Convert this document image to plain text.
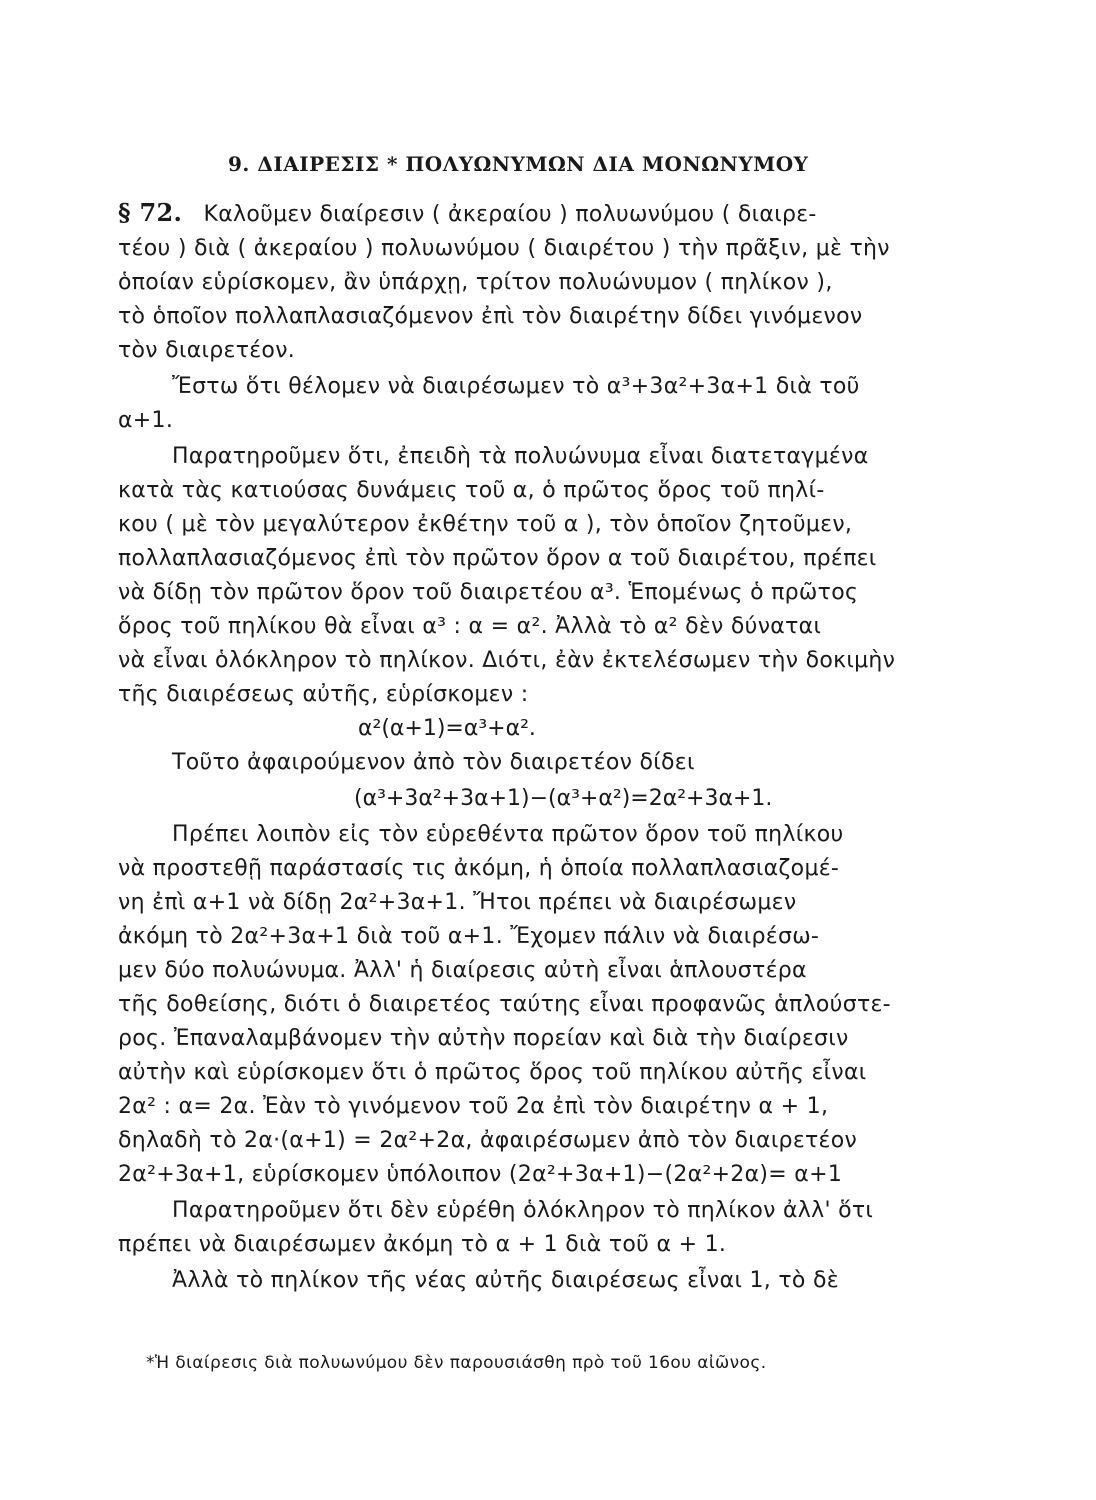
9. ΔΙΑΙΡΕΣΙΣ * ΠΟΛΥΩΝΥΜΩΝ ΔΙΑ ΜΟΝΩΝΥΜΟΥ
§ 72. Καλοῦμεν διαίρεσιν ( ἀκεραίου ) πολυωνύμου ( διαιρε-
τέου ) διὰ ( ἀκεραίου ) πολυωνύμου ( διαιρέτου ) τὴν πρᾶξιν, μὲ τὴν
ὁποίαν εὑρίσκομεν, ἂν ὑπάρχῃ, τρίτον πολυώνυμον ( πηλίκον ),
τὸ ὁποῖον πολλαπλασιαζόμενον ἐπὶ τὸν διαιρέτην δίδει γινόμενον
τὸν διαιρετέον.
Ἔστω ὅτι θέλομεν νὰ διαιρέσωμεν τὸ α³+3α²+3α+1 διὰ τοῦ
α+1.
Παρατηροῦμεν ὅτι, ἐπειδὴ τὰ πολυώνυμα εἶναι διατεταγμένα
κατὰ τὰς κατιούσας δυνάμεις τοῦ α, ὁ πρῶτος ὅρος τοῦ πηλί-
κου ( μὲ τὸν μεγαλύτερον ἐκθέτην τοῦ α ), τὸν ὁποῖον ζητοῦμεν,
πολλαπλασιαζόμενος ἐπὶ τὸν πρῶτον ὅρον α τοῦ διαιρέτου, πρέπει
νὰ δίδῃ τὸν πρῶτον ὅρον τοῦ διαιρετέου α³. Ἑπομένως ὁ πρῶτος
ὅρος τοῦ πηλίκου θὰ εἶναι α³ : α = α². Ἀλλὰ τὸ α² δὲν δύναται
νὰ εἶναι ὁλόκληρον τὸ πηλίκον. Διότι, ἐὰν ἐκτελέσωμεν τὴν δοκιμὴν
τῆς διαιρέσεως αὐτῆς, εὑρίσκομεν :
α²(α+1)=α³+α².
Τοῦτο ἀφαιρούμενον ἀπὸ τὸν διαιρετέον δίδει
(α³+3α²+3α+1)−(α³+α²)=2α²+3α+1.
Πρέπει λοιπὸν εἰς τὸν εὑρεθέντα πρῶτον ὅρον τοῦ πηλίκου
νὰ προστεθῇ παράστασίς τις ἀκόμη, ἡ ὁποία πολλαπλασιαζομέ-
νη ἐπὶ α+1 νὰ δίδῃ 2α²+3α+1. Ἤτοι πρέπει νὰ διαιρέσωμεν
ἀκόμη τὸ 2α²+3α+1 διὰ τοῦ α+1. Ἔχομεν πάλιν νὰ διαιρέσω-
μεν δύο πολυώνυμα. Ἀλλ' ἡ διαίρεσις αὐτὴ εἶναι ἁπλουστέρα
τῆς δοθείσης, διότι ὁ διαιρετέος ταύτης εἶναι προφανῶς ἁπλούστε-
ρος. Ἐπαναλαμβάνομεν τὴν αὐτὴν πορείαν καὶ διὰ τὴν διαίρεσιν
αὐτὴν καὶ εὑρίσκομεν ὅτι ὁ πρῶτος ὅρος τοῦ πηλίκου αὐτῆς εἶναι
2α² : α= 2α. Ἐὰν τὸ γινόμενον τοῦ 2α ἐπὶ τὸν διαιρέτην α + 1,
δηλαδὴ τὸ 2α·(α+1) = 2α²+2α, ἀφαιρέσωμεν ἀπὸ τὸν διαιρετέον
2α²+3α+1, εὑρίσκομεν ὑπόλοιπον (2α²+3α+1)−(2α²+2α)= α+1
Παρατηροῦμεν ὅτι δὲν εὑρέθη ὁλόκληρον τὸ πηλίκον ἀλλ' ὅτι
πρέπει νὰ διαιρέσωμεν ἀκόμη τὸ α + 1 διὰ τοῦ α + 1.
Ἀλλὰ τὸ πηλίκον τῆς νέας αὐτῆς διαιρέσεως εἶναι 1, τὸ δὲ
*Ἡ διαίρεσις διὰ πολυωνύμου δὲν παρουσιάσθη πρὸ τοῦ 16ου αἰῶνος.
